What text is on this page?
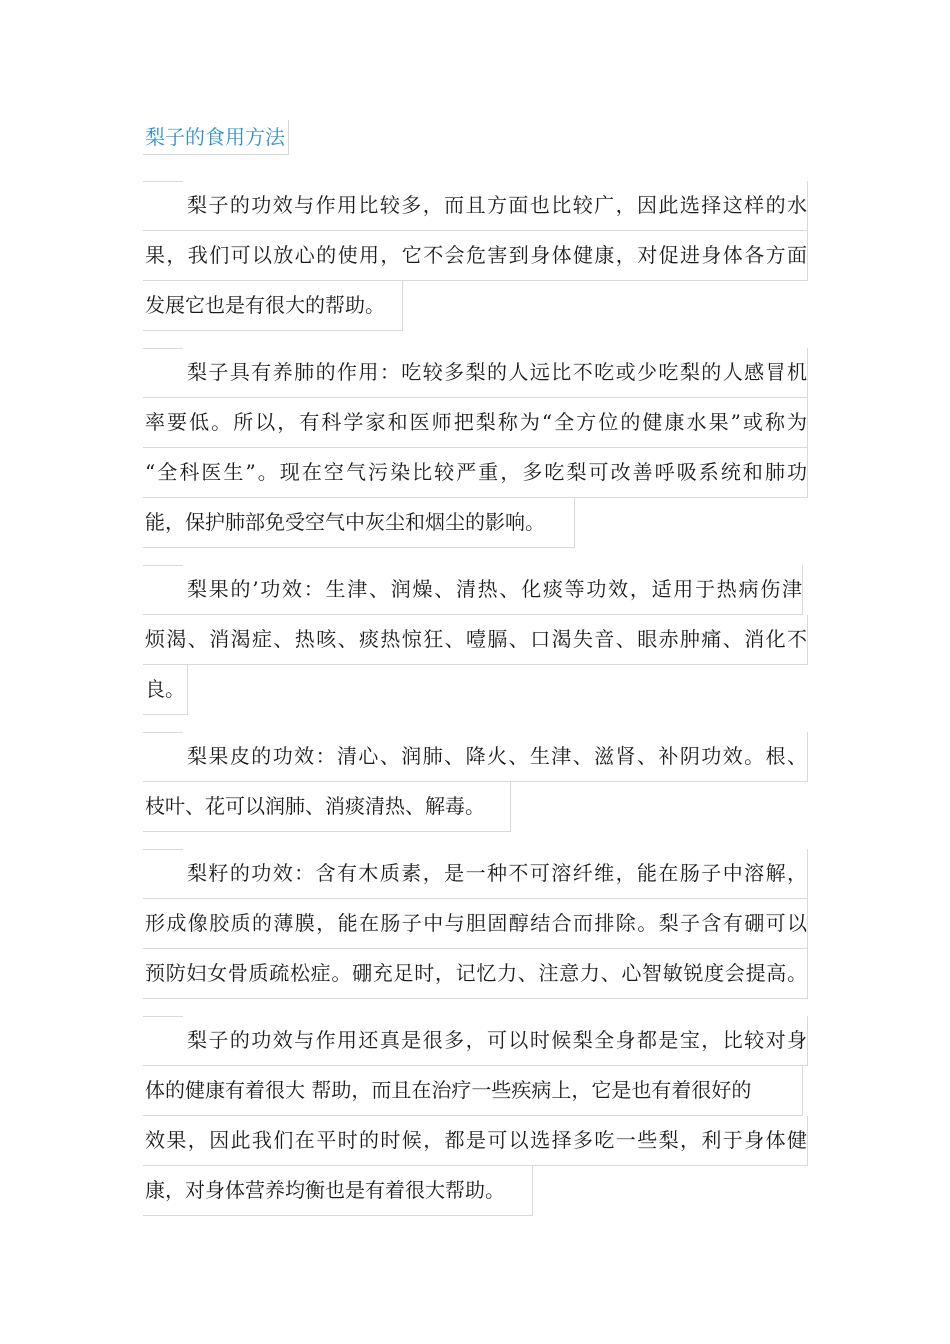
梨子的食用方法
梨子的功效与作用比较多，而且方面也比较广，因此选择这样的水
果，我们可以放心的使用，它不会危害到身体健康，对促进身体各方面
发展它也是有很大的帮助。
梨子具有养肺的作用：吃较多梨的人远比不吃或少吃梨的人感冒机
率要低。所以，有科学家和医师把梨称为“全方位的健康水果”或称为
“全科医生”。现在空气污染比较严重，多吃梨可改善呼吸系统和肺功
能，保护肺部免受空气中灰尘和烟尘的影响。
梨果的’功效：生津、润燥、清热、化痰等功效，适用于热病伤津
烦渴、消渴症、热咳、痰热惊狂、噎膈、口渴失音、眼赤肿痛、消化不
良。
梨果皮的功效：清心、润肺、降火、生津、滋肾、补阴功效。根、
枝叶、花可以润肺、消痰清热、解毒。
梨籽的功效：含有木质素，是一种不可溶纤维，能在肠子中溶解，
形成像胶质的薄膜，能在肠子中与胆固醇结合而排除。梨子含有硼可以
预防妇女骨质疏松症。硼充足时，记忆力、注意力、心智敏锐度会提高。
梨子的功效与作用还真是很多，可以时候梨全身都是宝，比较对身
体的健康有着很大 帮助，而且在治疗一些疾病上，它是也有着很好的
效果，因此我们在平时的时候，都是可以选择多吃一些梨，利于身体健
康，对身体营养均衡也是有着很大帮助。
